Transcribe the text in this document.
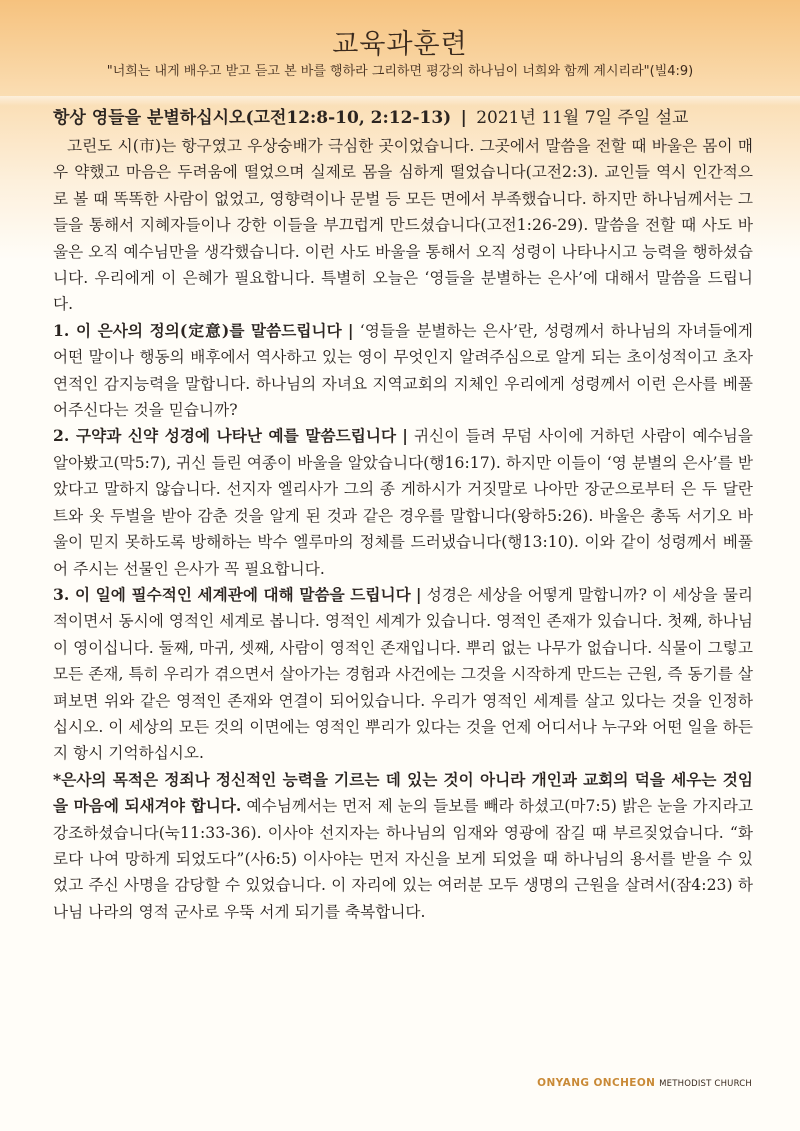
교육과훈련
"너희는 내게 배우고 받고 듣고 본 바를 행하라 그리하면 평강의 하나님이 너희와 함께 계시리라"(빌4:9)
항상 영들을 분별하십시오(고전12:8-10, 2:12-13) | 2021년 11월 7일 주일 설교

고린도 시(市)는 항구였고 우상숭배가 극심한 곳이었습니다. 그곳에서 말씀을 전할 때 바울은 몸이 매우 약했고 마음은 두려움에 떨었으며 실제로 몸을 심하게 떨었습니다(고전2:3). 교인들 역시 인간적으로 볼 때 똑똑한 사람이 없었고, 영향력이나 문벌 등 모든 면에서 부족했습니다. 하지만 하나님께서는 그들을 통해서 지혜자들이나 강한 이들을 부끄럽게 만드셨습니다(고전1:26-29). 말씀을 전할 때 사도 바울은 오직 예수님만을 생각했습니다. 이런 사도 바울을 통해서 오직 성령이 나타나시고 능력을 행하셨습니다. 우리에게 이 은혜가 필요합니다. 특별히 오늘은 ‘영들을 분별하는 은사’에 대해서 말씀을 드립니다.

1. 이 은사의 정의(定意)를 말씀드립니다 | ‘영들을 분별하는 은사’란, 성령께서 하나님의 자녀들에게 어떤 말이나 행동의 배후에서 역사하고 있는 영이 무엇인지 알려주심으로 알게 되는 초이성적이고 초자연적인 감지능력을 말합니다. 하나님의 자녀요 지역교회의 지체인 우리에게 성령께서 이런 은사를 베풀어주신다는 것을 믿습니까?

2. 구약과 신약 성경에 나타난 예를 말씀드립니다 | 귀신이 들려 무덤 사이에 거하던 사람이 예수님을 알아봤고(막5:7), 귀신 들린 여종이 바울을 알았습니다(행16:17). 하지만 이들이 ‘영 분별의 은사’를 받았다고 말하지 않습니다. 선지자 엘리사가 그의 종 게하시가 거짓말로 나아만 장군으로부터 은 두 달란트와 옷 두벌을 받아 감춘 것을 알게 된 것과 같은 경우를 말합니다(왕하5:26). 바울은 총독 서기오 바울이 믿지 못하도록 방해하는 박수 엘루마의 정체를 드러냈습니다(행13:10). 이와 같이 성령께서 베풀어 주시는 선물인 은사가 꼭 필요합니다.

3. 이 일에 필수적인 세계관에 대해 말씀을 드립니다 | 성경은 세상을 어떻게 말합니까? 이 세상을 물리적이면서 동시에 영적인 세계로 봅니다. 영적인 세계가 있습니다. 영적인 존재가 있습니다. 첫째, 하나님이 영이십니다. 둘째, 마귀, 셋째, 사람이 영적인 존재입니다. 뿌리 없는 나무가 없습니다. 식물이 그렇고 모든 존재, 특히 우리가 겪으면서 살아가는 경험과 사건에는 그것을 시작하게 만드는 근원, 즉 동기를 살펴보면 위와 같은 영적인 존재와 연결이 되어있습니다. 우리가 영적인 세계를 살고 있다는 것을 인정하십시오. 이 세상의 모든 것의 이면에는 영적인 뿌리가 있다는 것을 언제 어디서나 누구와 어떤 일을 하든지 항시 기억하십시오.

*은사의 목적은 정죄나 정신적인 능력을 기르는 데 있는 것이 아니라 개인과 교회의 덕을 세우는 것임을 마음에 되새겨야 합니다. 예수님께서는 먼저 제 눈의 들보를 빼라 하셨고(마7:5) 밝은 눈을 가지라고 강조하셨습니다(눅11:33-36). 이사야 선지자는 하나님의 임재와 영광에 잠길 때 부르짖었습니다. “화로다 나여 망하게 되었도다”(사6:5) 이사야는 먼저 자신을 보게 되었을 때 하나님의 용서를 받을 수 있었고 주신 사명을 감당할 수 있었습니다. 이 자리에 있는 여러분 모두 생명의 근원을 살려서(잠4:23) 하나님 나라의 영적 군사로 우뚝 서게 되기를 축복합니다.

ONYANG ONCHEON METHODIST CHURCH
